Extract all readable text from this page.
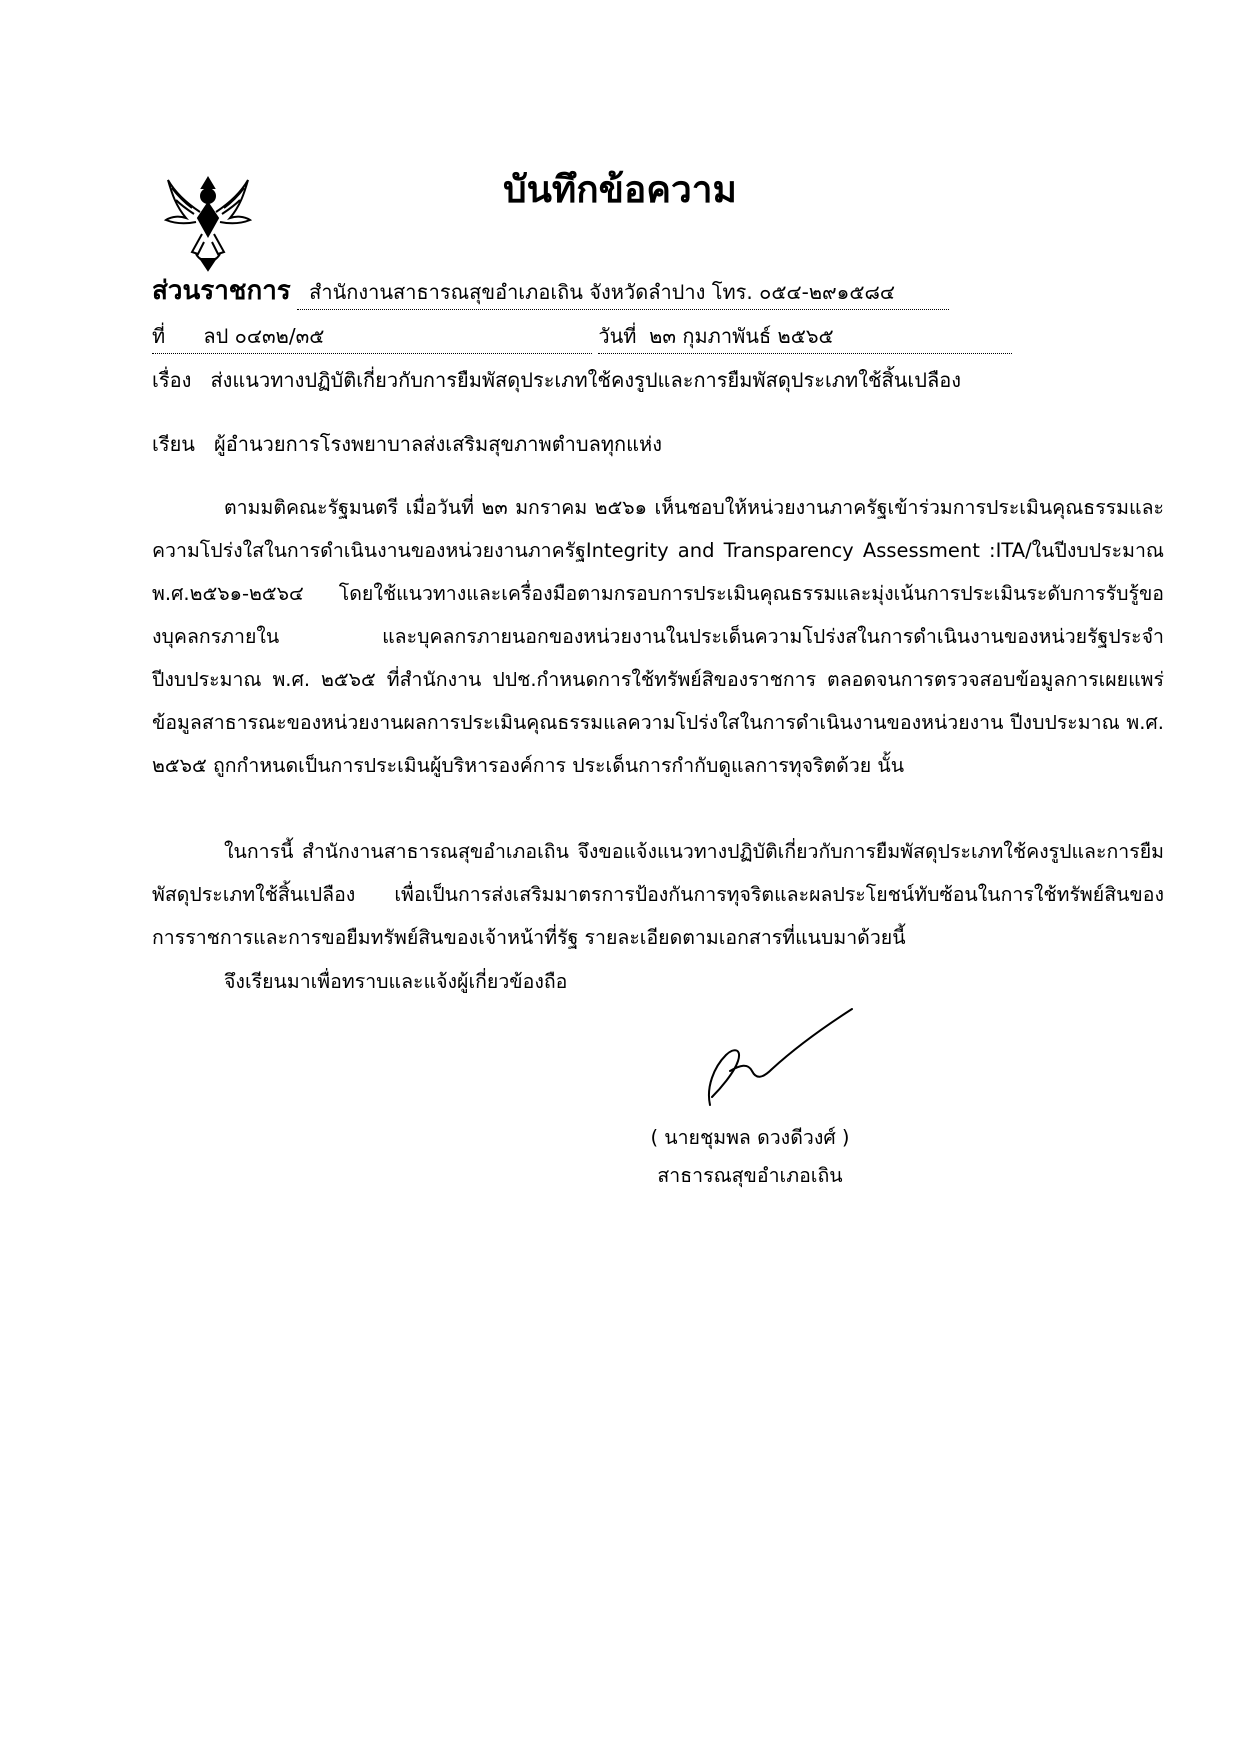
บันทึกข้อความ
ส่วนราชการ สำนักงานสาธารณสุขอำเภอเถิน จังหวัดลำปาง โทร. ๐๕๔-๒๙๑๕๘๔
ที่ ลป ๐๔๓๒/๓๕	วันที่ ๒๓ กุมภาพันธ์ ๒๕๖๕
เรื่อง ส่งแนวทางปฏิบัติเกี่ยวกับการยืมพัสดุประเภทใช้คงรูปและการยืมพัสดุประเภทใช้สิ้นเปลือง
เรียน ผู้อำนวยการโรงพยาบาลส่งเสริมสุขภาพตำบลทุกแห่ง
ตามมติคณะรัฐมนตรี เมื่อวันที่ ๒๓ มกราคม ๒๕๖๑ เห็นชอบให้หน่วยงานภาครัฐเข้าร่วมการประเมินคุณธรรมและความโปร่งใสในการดำเนินงานของหน่วยงานภาครัฐIntegrity and Transparency Assessment :ITA/ในปีงบประมาณ พ.ศ.๒๕๖๑-๒๕๖๔ โดยใช้แนวทางและเครื่องมือตามกรอบการประเมินคุณธรรมและมุ่งเน้นการประเมินระดับการรับรู้ของบุคลกรภายใน และบุคลกรภายนอกของหน่วยงานในประเด็นความโปร่งสในการดำเนินงานของหน่วยรัฐประจำปีงบประมาณ พ.ศ. ๒๕๖๕ ที่สำนักงาน ปปช.กำหนดการใช้ทรัพย์สิของราชการ ตลอดจนการตรวจสอบข้อมูลการเผยแพร่ข้อมูลสาธารณะของหน่วยงานผลการประเมินคุณธรรมแลความโปร่งใสในการดำเนินงานของหน่วยงาน ปีงบประมาณ พ.ศ. ๒๕๖๕ ถูกกำหนดเป็นการประเมินผู้บริหารองค์การ ประเด็นการกำกับดูแลการทุจริตด้วย นั้น
ในการนี้ สำนักงานสาธารณสุขอำเภอเถิน จึงขอแจ้งแนวทางปฏิบัติเกี่ยวกับการยืมพัสดุประเภทใช้คงรูปและการยืมพัสดุประเภทใช้สิ้นเปลือง เพื่อเป็นการส่งเสริมมาตรการป้องกันการทุจริตและผลประโยชน์ทับซ้อนในการใช้ทรัพย์สินของการราชการและการขอยืมทรัพย์สินของเจ้าหน้าที่รัฐ รายละเอียดตามเอกสารที่แนบมาด้วยนี้
จึงเรียนมาเพื่อทราบและแจ้งผู้เกี่ยวข้องถือ
( นายชุมพล ดวงดีวงศ์ )
สาธารณสุขอำเภอเถิน
